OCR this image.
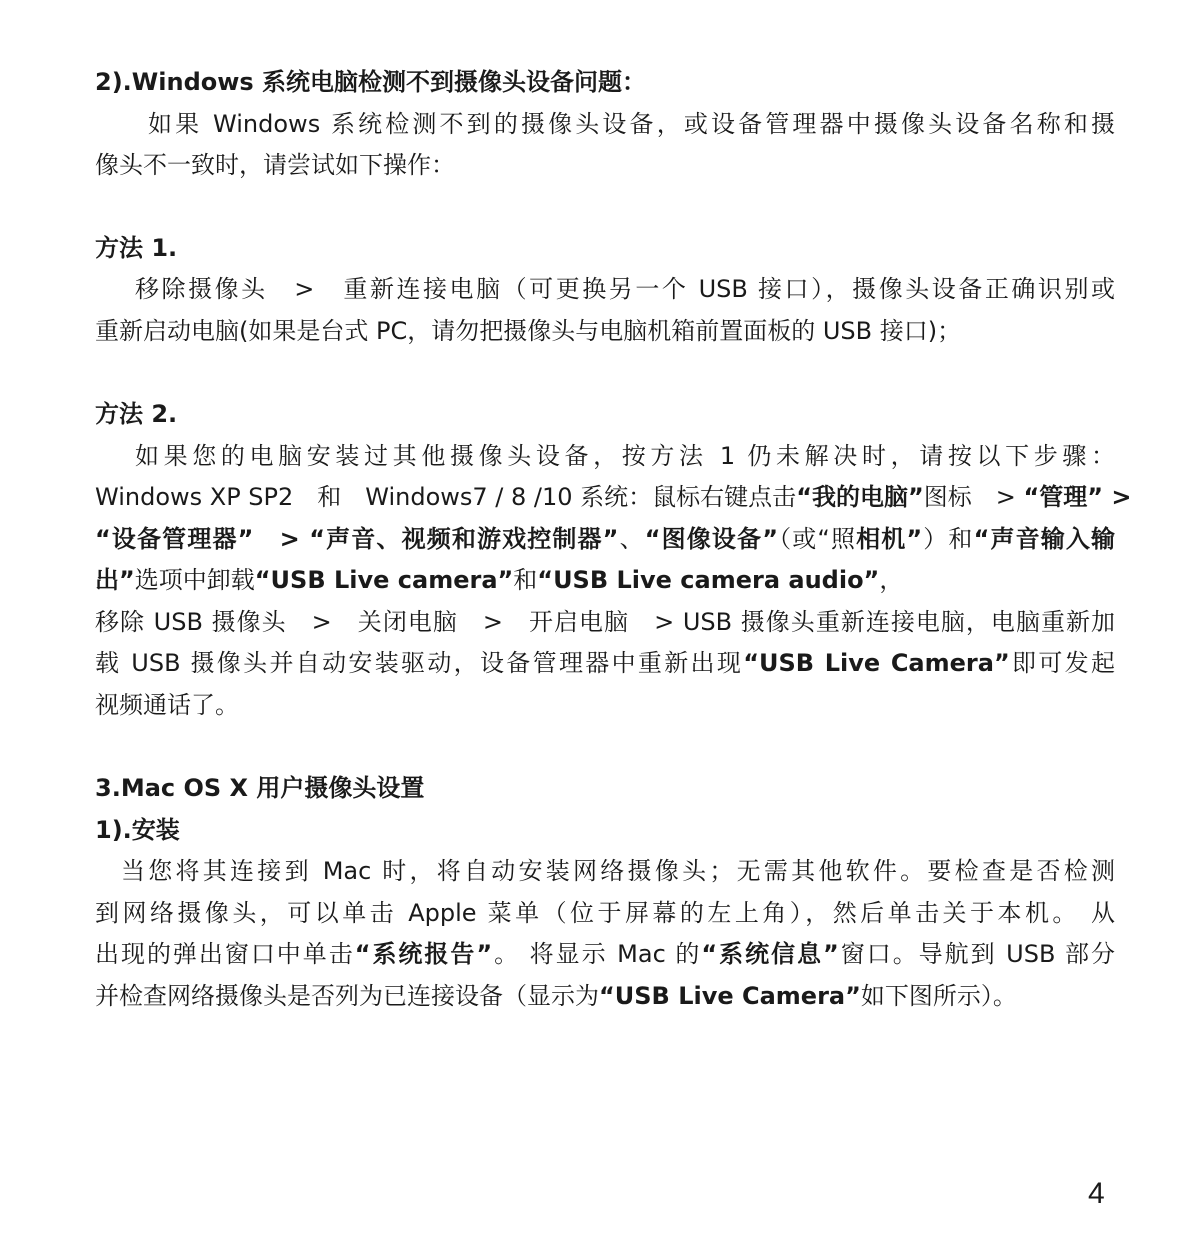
2).Windows 系统电脑检测不到摄像头设备问题：
如果 Windows 系统检测不到的摄像头设备，或设备管理器中摄像头设备名称和摄
像头不一致时，请尝试如下操作：
方法 1.
移除摄像头　>　重新连接电脑（可更换另一个 USB 接口），摄像头设备正确识别或
重新启动电脑(如果是台式 PC，请勿把摄像头与电脑机箱前置面板的 USB 接口)；
方法 2.
如果您的电脑安装过其他摄像头设备，按方法 1 仍未解决时，请按以下步骤：
Windows XP SP2　和　Windows7 / 8 /10 系统：鼠标右键点击“我的电脑”图标　> “管理” >
“设备管理器”　> “声音、视频和游戏控制器”、“图像设备”（或“照相机”）和“声音输入输
出”选项中卸载“USB Live camera”和“USB Live camera audio”，
移除 USB 摄像头　>　关闭电脑　>　开启电脑　> USB 摄像头重新连接电脑，电脑重新加
载 USB 摄像头并自动安装驱动，设备管理器中重新出现“USB Live Camera”即可发起
视频通话了。
3.Mac OS X 用户摄像头设置
1).安装
当您将其连接到 Mac 时，将自动安装网络摄像头；无需其他软件。要检查是否检测
到网络摄像头，可以单击 Apple 菜单（位于屏幕的左上角），然后单击关于本机。 从
出现的弹出窗口中单击“系统报告”。 将显示 Mac 的“系统信息”窗口。导航到 USB 部分
并检查网络摄像头是否列为已连接设备（显示为“USB Live Camera”如下图所示）。
4
